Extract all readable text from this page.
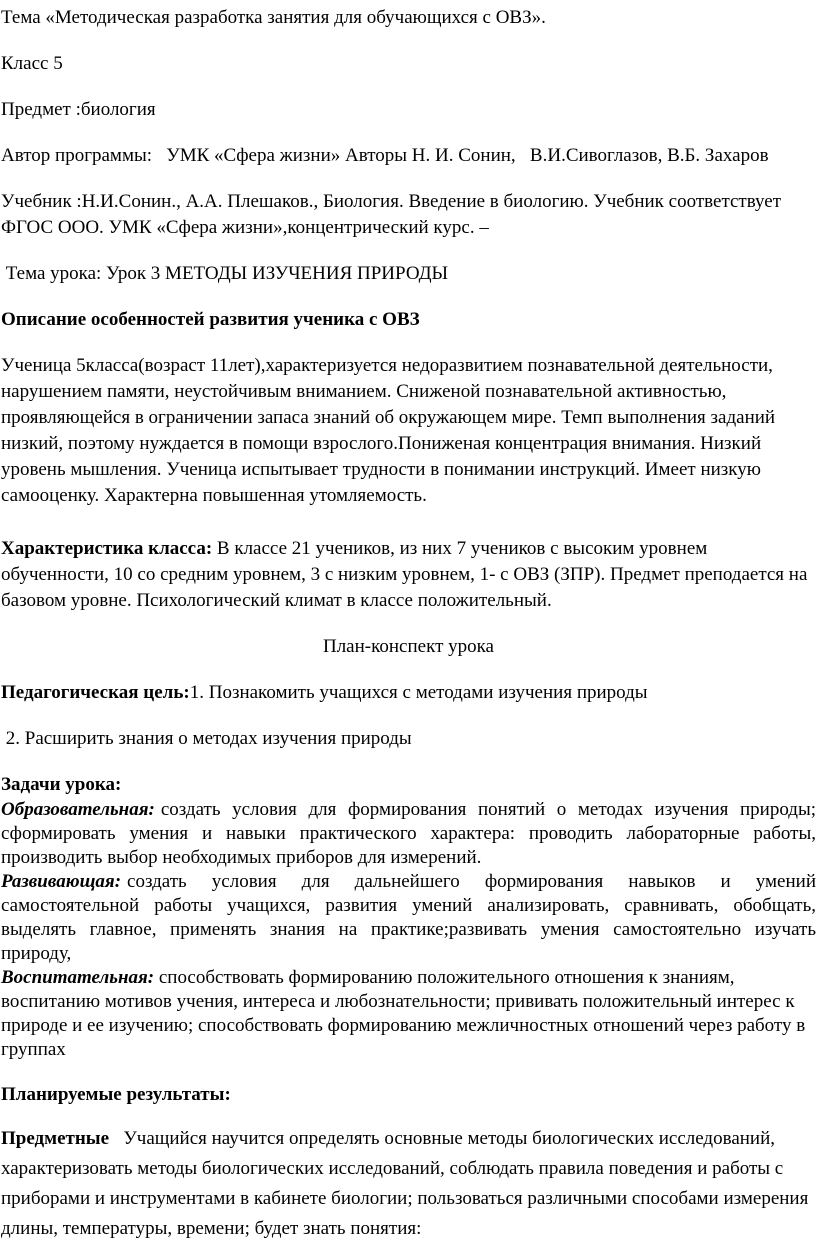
Тема «Методическая разработка занятия для обучающихся с ОВЗ».

Класс 5

Предмет :биология

Автор программы:   УМК «Сфера жизни» Авторы Н. И. Сонин,   В.И.Сивоглазов, В.Б. Захаров

Учебник :Н.И.Сонин., А.А. Плешаков., Биология. Введение в биологию. Учебник соответствует ФГОС ООО. УМК «Сфера жизни»,концентрический курс. –

Тема урока: Урок 3 МЕТОДЫ ИЗУЧЕНИЯ ПРИРОДЫ

Описание особенностей развития ученика с ОВЗ

Ученица 5класса(возраст 11лет),характеризуется недоразвитием познавательной деятельности, нарушением памяти, неустойчивым вниманием. Сниженой познавательной активностью, проявляющейся в ограничении запаса знаний об окружающем мире. Темп выполнения заданий низкий, поэтому нуждается в помощи взрослого.Пониженая концентрация внимания. Низкий уровень мышления. Ученица испытывает трудности в понимании инструкций. Имеет низкую самооценку. Характерна повышенная утомляемость.

Характеристика класса: В классе 21 учеников, из них 7 учеников с высоким уровнем обученности, 10 со средним уровнем, 3 с низким уровнем, 1- с ОВЗ (ЗПР). Предмет преподается на базовом уровне. Психологический климат в классе положительный.

План-конспект урока

Педагогическая цель:1. Познакомить учащихся с методами изучения природы

2. Расширить знания о методах изучения природы

Задачи урока:

Образовательная: создать условия для формирования понятий о методах изучения природы; сформировать умения и навыки практического характера: проводить лабораторные работы, производить выбор необходимых приборов для измерений.

Развивающая: создать условия для дальнейшего формирования навыков и умений самостоятельной работы учащихся, развития умений анализировать, сравнивать, обобщать, выделять главное, применять знания на практике;развивать умения самостоятельно изучать природу,

Воспитательная: способствовать формированию положительного отношения к знаниям, воспитанию мотивов учения, интереса и любознательности; прививать положительный интерес к природе и ее изучению; способствовать формированию межличностных отношений через работу в группах

Планируемые результаты:

Предметные   Учащийся научится определять основные методы биологических исследований, характеризовать методы биологических исследований, соблюдать правила поведения и работы с приборами и инструментами в кабинете биологии; пользоваться различными способами измерения длины, температуры, времени; будет знать понятия:
